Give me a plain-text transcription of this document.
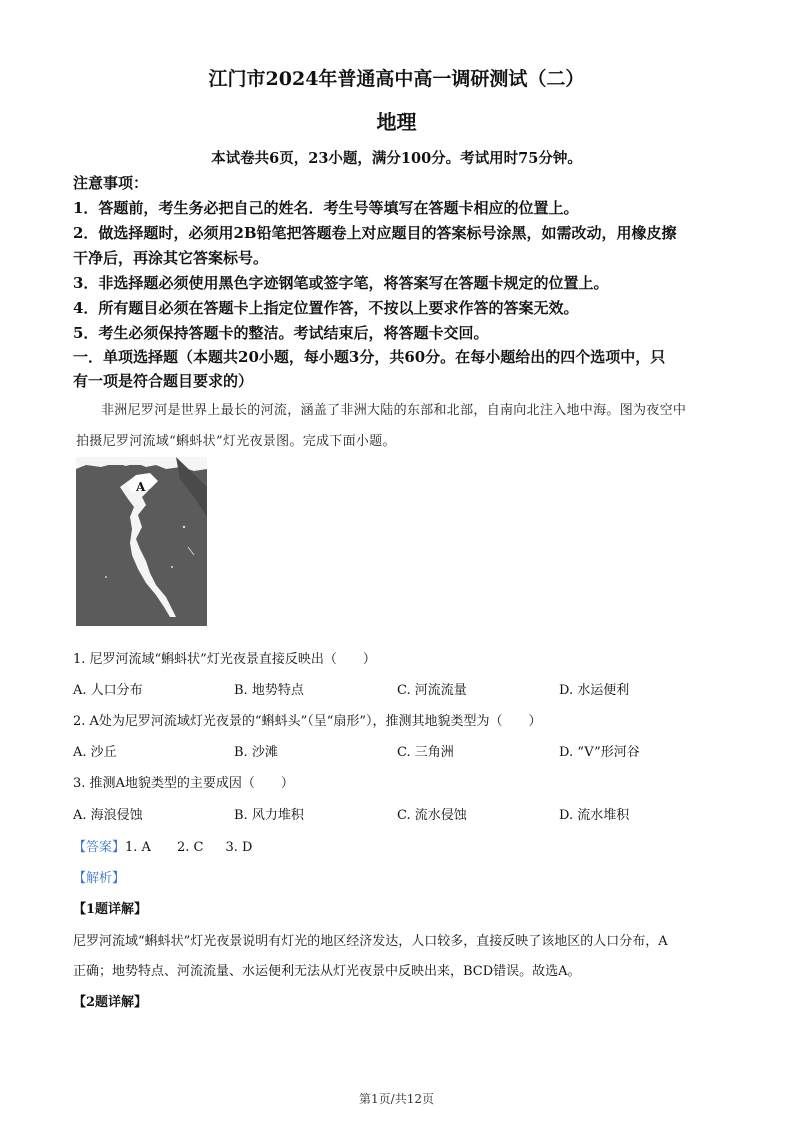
江门市2024年普通高中高一调研测试（二）
地理
本试卷共6页，23小题，满分100分。考试用时75分钟。
注意事项：
1．答题前，考生务必把自己的姓名．考生号等填写在答题卡相应的位置上。
2．做选择题时，必须用2B铅笔把答题卷上对应题目的答案标号涂黑，如需改动，用橡皮擦
干净后，再涂其它答案标号。
3．非选择题必须使用黑色字迹钢笔或签字笔，将答案写在答题卡规定的位置上。
4．所有题目必须在答题卡上指定位置作答，不按以上要求作答的答案无效。
5．考生必须保持答题卡的整洁。考试结束后，将答题卡交回。
一．单项选择题（本题共20小题，每小题3分，共60分。在每小题给出的四个选项中，只
有一项是符合题目要求的）
非洲尼罗河是世界上最长的河流，涵盖了非洲大陆的东部和北部，自南向北注入地中海。图为夜空中
拍摄尼罗河流域“蝌蚪状”灯光夜景图。完成下面小题。
A
1. 尼罗河流域“蝌蚪状”灯光夜景直接反映出（　　）
A. 人口分布	B. 地势特点	C. 河流流量	D. 水运便利
2. A处为尼罗河流域灯光夜景的“蝌蚪头”（呈“扇形”），推测其地貌类型为（　　）
A. 沙丘	B. 沙滩	C. 三角洲	D. “V”形河谷
3. 推测A地貌类型的主要成因（　　）
A. 海浪侵蚀	B. 风力堆积	C. 流水侵蚀	D. 流水堆积
【答案】1. A 2. C 3. D
【解析】
【1题详解】
尼罗河流域“蝌蚪状”灯光夜景说明有灯光的地区经济发达，人口较多，直接反映了该地区的人口分布，A
正确；地势特点、河流流量、水运便利无法从灯光夜景中反映出来，BCD错误。故选A。
【2题详解】
第1页/共12页
